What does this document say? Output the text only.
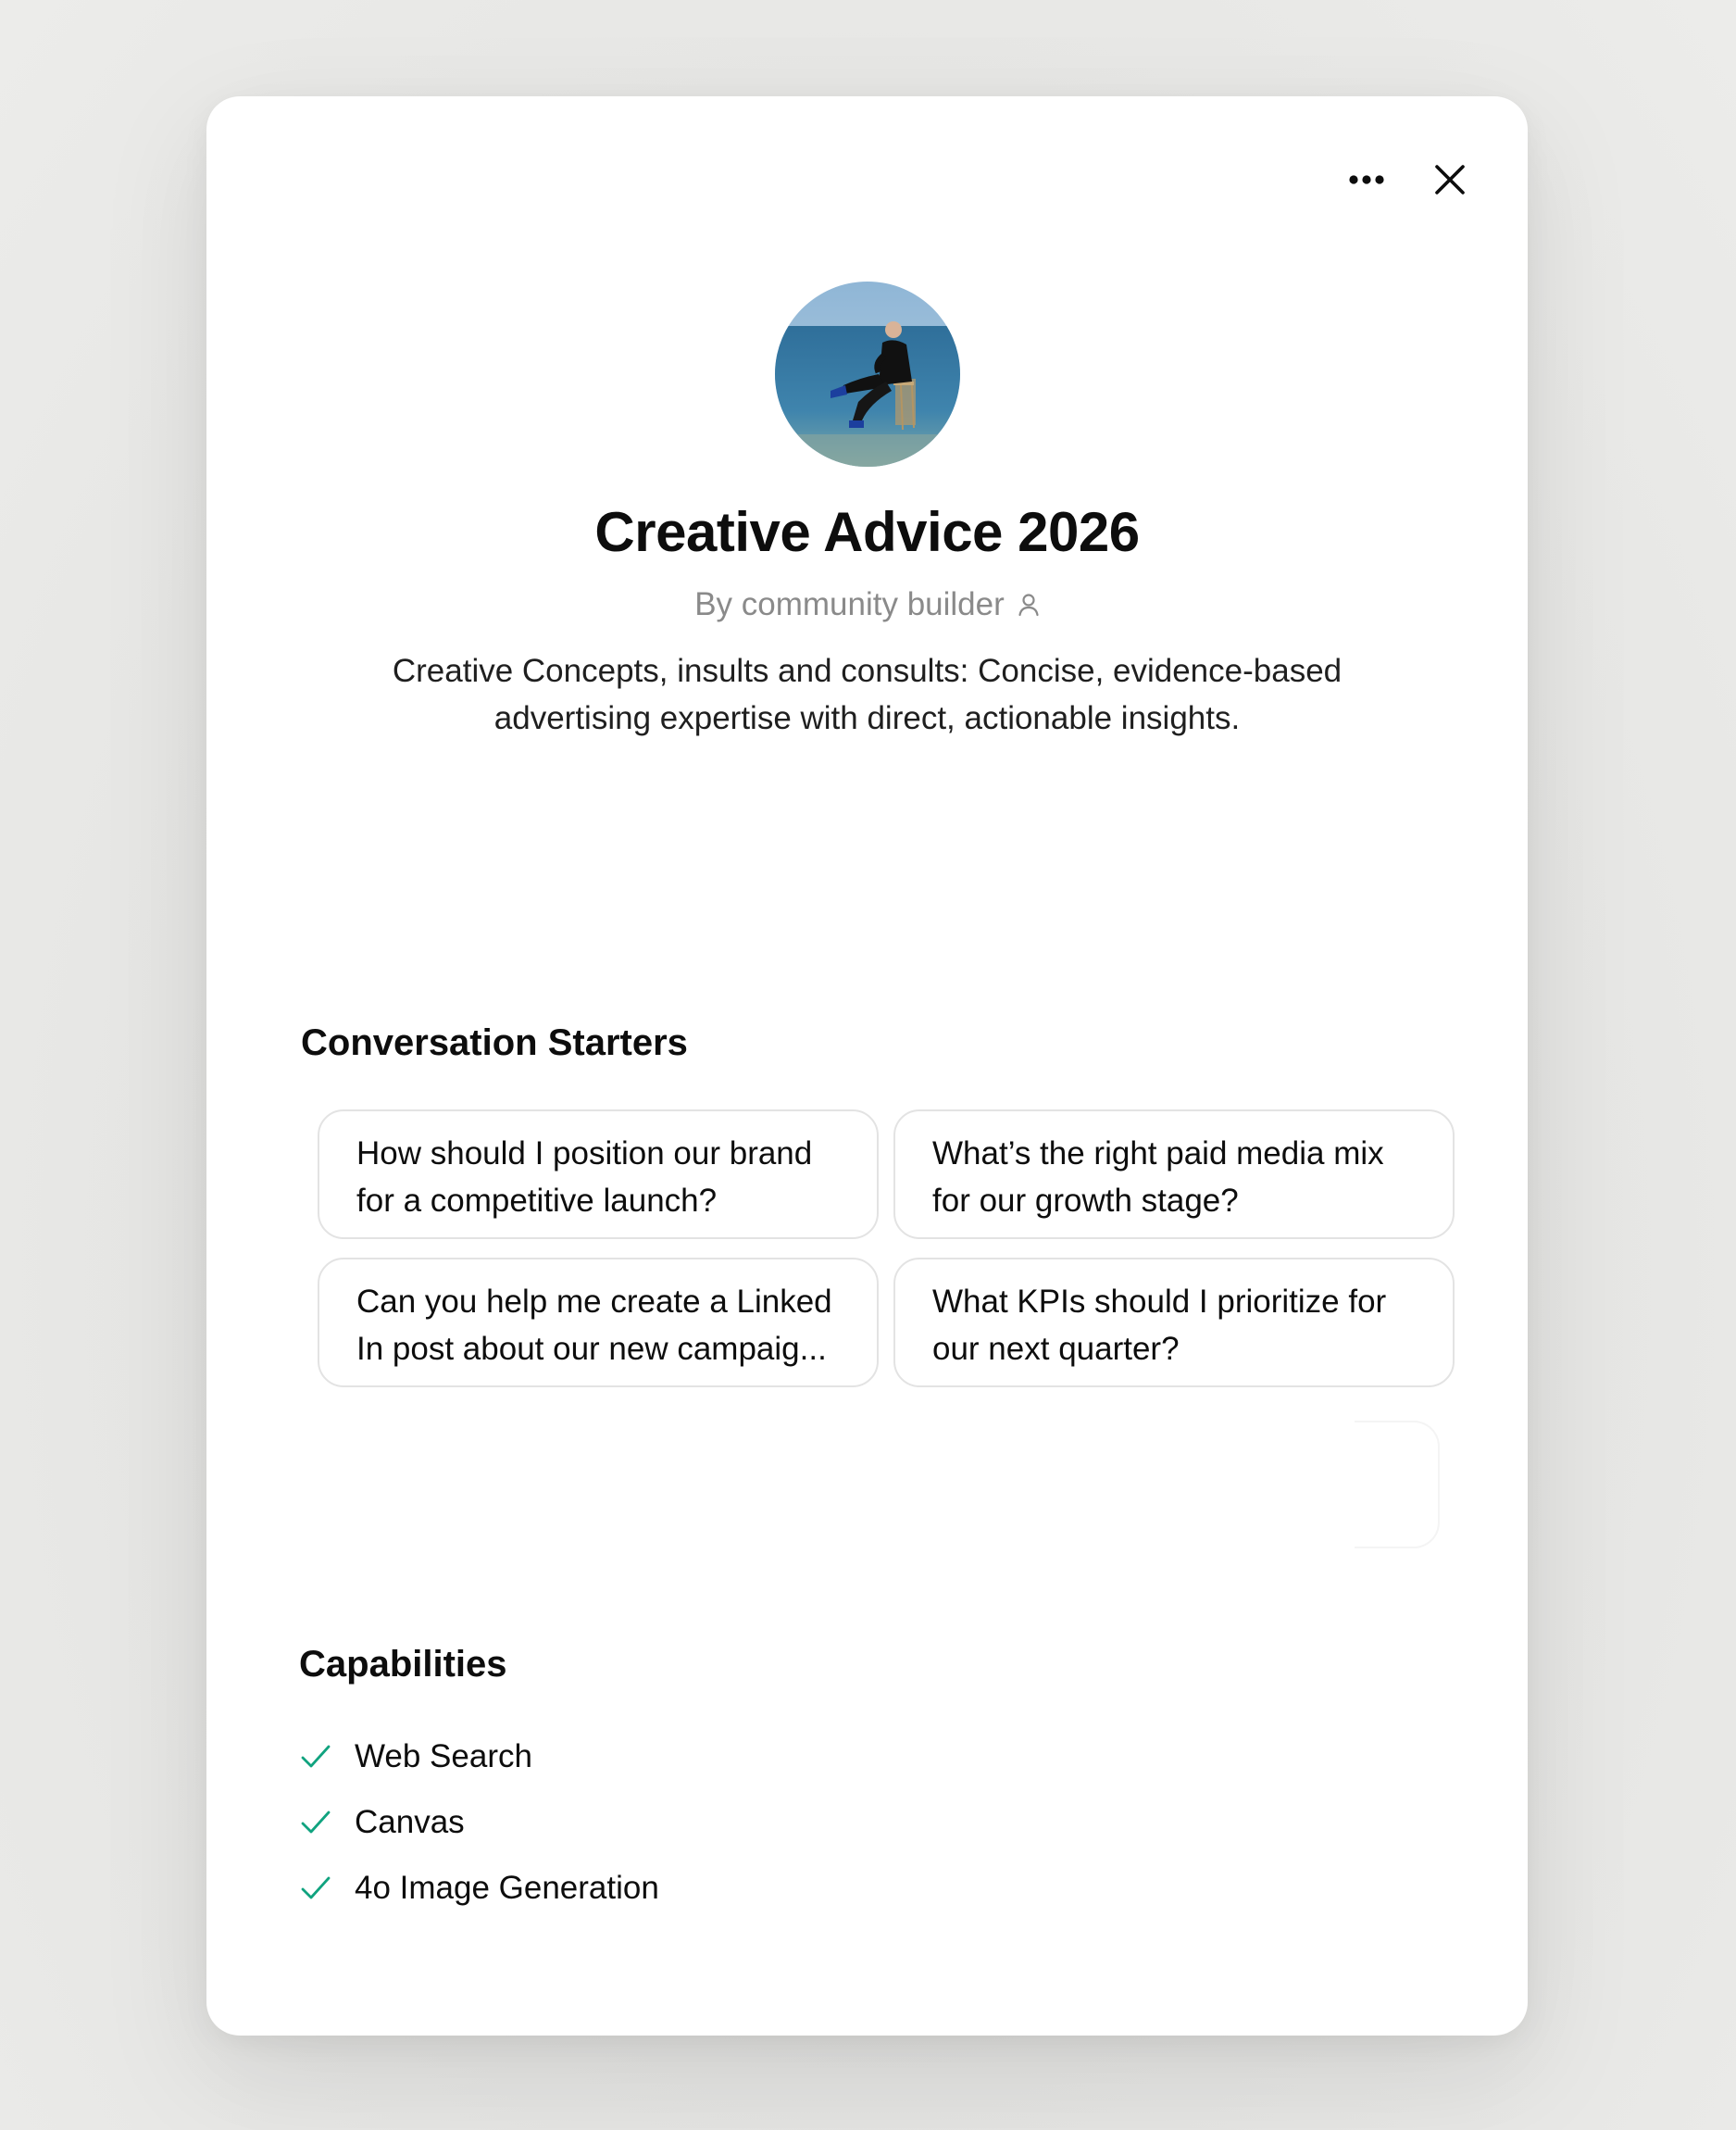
Creative Advice 2026
By community builder
Creative Concepts, insults and consults: Concise, evidence-based advertising expertise with direct, actionable insights.
Conversation Starters
How should I position our brand for a competitive launch?
What’s the right paid media mix for our growth stage?
Can you help me create a Linked In post about our new campaig...
What KPIs should I prioritize for our next quarter?
Capabilities
Web Search
Canvas
4o Image Generation
